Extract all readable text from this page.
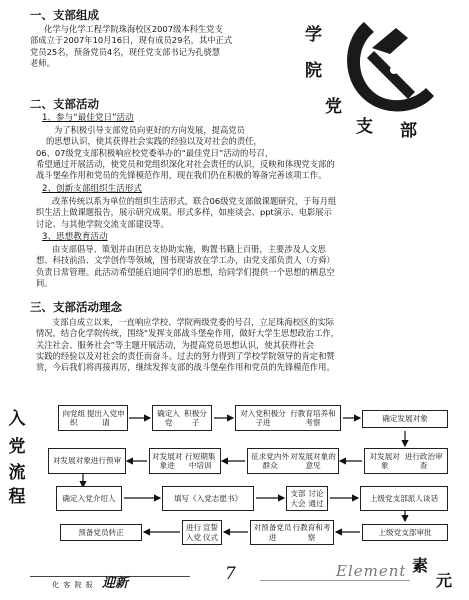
一、支部组成
化学与化学工程学院珠海校区2007级本科生党支
部成立于2007年10月16日，现有成员29名，其中正式
党员25名，预备党员4名，现任党支部书记为孔骁慧
老师。
学
院
党
支 部
二、支部活动
1、参与“最佳党日”活动
为了积极引导支部党员向更好的方向发展，提高党员
的思想认识，使其获得社会实践的经验以及对社会的责任，
06、07级党支部积极响应校党委举办的“最佳党日”活动的号召，
希望通过开展活动，使党员和党组织深化对社会责任的认识，反映和体现党支部的
战斗堡垒作用和党员的先锋模范作用，现在我们仍在积极的筹备完善该项工作。
2、创新支部组织生活形式
改革传统以系为单位的组织生活形式，联合06级党支部做课题研究，于每月组
织生活上做课题报告，展示研究成果。形式多样，如座谈会、ppt演示、电影展示
讨论、与其他学院交流支部建设等。
3、思想教育活动
由支部倡导、策划并由团总支协助实施，购置书籍上百册，主要涉及人文思
想、科技前沿、文学创作等领域，图书现寄放在学工办，由党支部负责人（方舜）
负责日常管理。此活动希望能启迪同学们的思想，给同学们提供一个思想的栖息空
间。
三、支部活动理念
支部自成立以来，一直响应学校、学院两级党委的号召，立足珠海校区的实际
情况，结合化学院传统，围绕“发挥支部战斗堡垒作用，做好大学生思想政治工作，
关注社会、服务社会”等主题开展活动，为提高党员思想认识，使其获得社会
实践的经验以及对社会的责任而奋斗。过去的努力得到了学校学院领导的肯定和赞
赏，今后我们将再接再厉，继续发挥支部的战斗堡垒作用和党员的先锋模范作用。
入
党
流
程
向党组织
提出入党申请
确定入党
积极分子
对入党积极分子进
行教育培养和考察	确定发展对象
对发展对 象进行预审
对发展对象进
行短期集中培训
征求党内外群众
对发展对象的意见
对发展对象
进行政治审查
确定 入党介绍人	填写 《入党志愿书》
支部大会
讨论通过
上级党支 部派人谈话
预备党员转正
进行入党
宣誓仪式
对预备党员进
行教育和考察
上级党支部审批
化 客 院 报 迎新	7	Element 素
元
